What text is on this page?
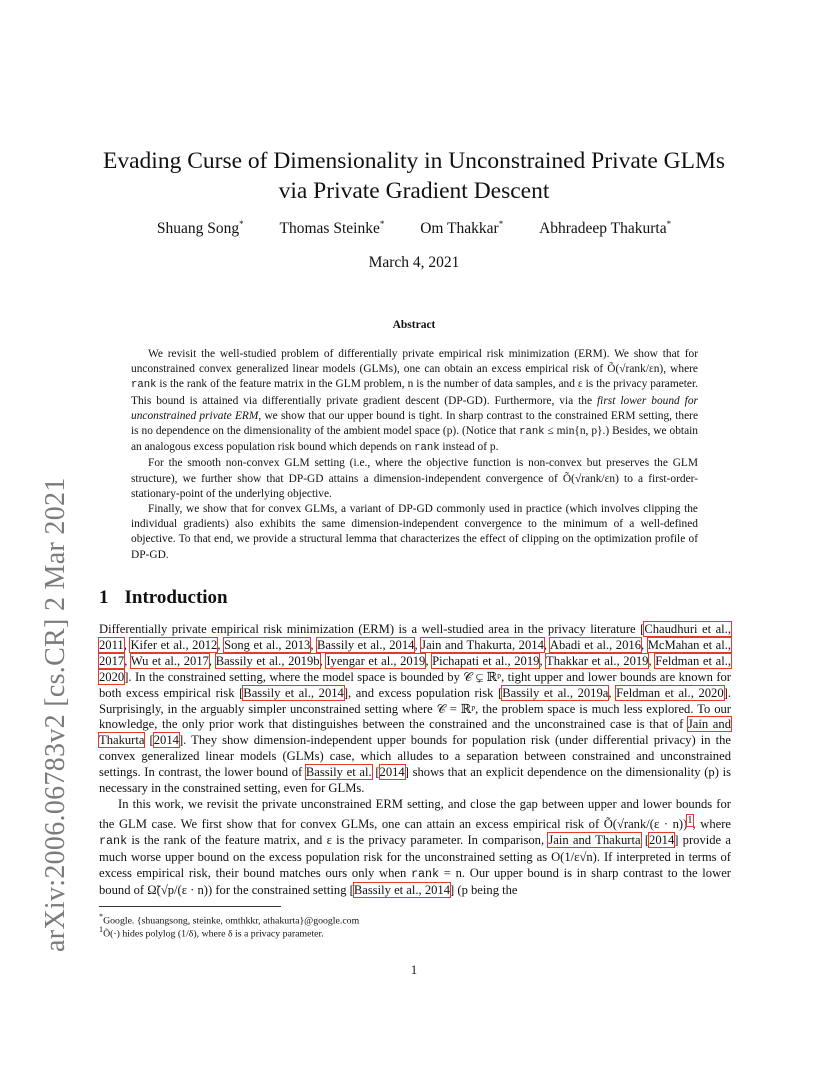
arXiv:2006.06783v2 [cs.CR] 2 Mar 2021
Evading Curse of Dimensionality in Unconstrained Private GLMs
via Private Gradient Descent
Shuang Song* Thomas Steinke* Om Thakkar* Abhradeep Thakurta*
March 4, 2021
Abstract

We revisit the well-studied problem of differentially private empirical risk minimization (ERM). We show that for unconstrained convex generalized linear models (GLMs), one can obtain an excess empirical risk of Õ(√rank/εn), where rank is the rank of the feature matrix in the GLM problem, n is the number of data samples, and ε is the privacy parameter. This bound is attained via differentially private gradient descent (DP-GD). Furthermore, via the first lower bound for unconstrained private ERM, we show that our upper bound is tight. In sharp contrast to the constrained ERM setting, there is no dependence on the dimensionality of the ambient model space (p). (Notice that rank ≤ min{n, p}.) Besides, we obtain an analogous excess population risk bound which depends on rank instead of p.

For the smooth non-convex GLM setting (i.e., where the objective function is non-convex but preserves the GLM structure), we further show that DP-GD attains a dimension-independent convergence of Õ(√rank/εn) to a first-order-stationary-point of the underlying objective.

Finally, we show that for convex GLMs, a variant of DP-GD commonly used in practice (which involves clipping the individual gradients) also exhibits the same dimension-independent convergence to the minimum of a well-defined objective. To that end, we provide a structural lemma that characterizes the effect of clipping on the optimization profile of DP-GD.

1 Introduction

Differentially private empirical risk minimization (ERM) is a well-studied area in the privacy literature [Chaudhuri et al., 2011, Kifer et al., 2012, Song et al., 2013, Bassily et al., 2014, Jain and Thakurta, 2014, Abadi et al., 2016, McMahan et al., 2017, Wu et al., 2017, Bassily et al., 2019b, Iyengar et al., 2019, Pichapati et al., 2019, Thakkar et al., 2019, Feldman et al., 2020]. In the constrained setting, where the model space is bounded by 𝒞 ⊊ ℝᵖ, tight upper and lower bounds are known for both excess empirical risk [Bassily et al., 2014], and excess population risk [Bassily et al., 2019a, Feldman et al., 2020]. Surprisingly, in the arguably simpler unconstrained setting where 𝒞 = ℝᵖ, the problem space is much less explored. To our knowledge, the only prior work that distinguishes between the constrained and the unconstrained case is that of Jain and Thakurta [2014]. They show dimension-independent upper bounds for population risk (under differential privacy) in the convex generalized linear models (GLMs) case, which alludes to a separation between constrained and unconstrained settings. In contrast, the lower bound of Bassily et al. [2014] shows that an explicit dependence on the dimensionality (p) is necessary in the constrained setting, even for GLMs.

In this work, we revisit the private unconstrained ERM setting, and close the gap between upper and lower bounds for the GLM case. We first show that for convex GLMs, one can attain an excess empirical risk of Õ(√rank/(ε · n))$^1$, where rank is the rank of the feature matrix, and ε is the privacy parameter. In comparison, Jain and Thakurta [2014] provide a much worse upper bound on the excess population risk for the unconstrained setting as O(1/ε√n). If interpreted in terms of excess empirical risk, their bound matches ours only when rank = n. Our upper bound is in sharp contrast to the lower bound of Ω̃(√p/(ε · n)) for the constrained setting [Bassily et al., 2014] (p being the

*Google. {shuangsong, steinke, omthkkr, athakurta}@google.com
$^1$Õ(·) hides polylog (1/δ), where δ is a privacy parameter.
1
